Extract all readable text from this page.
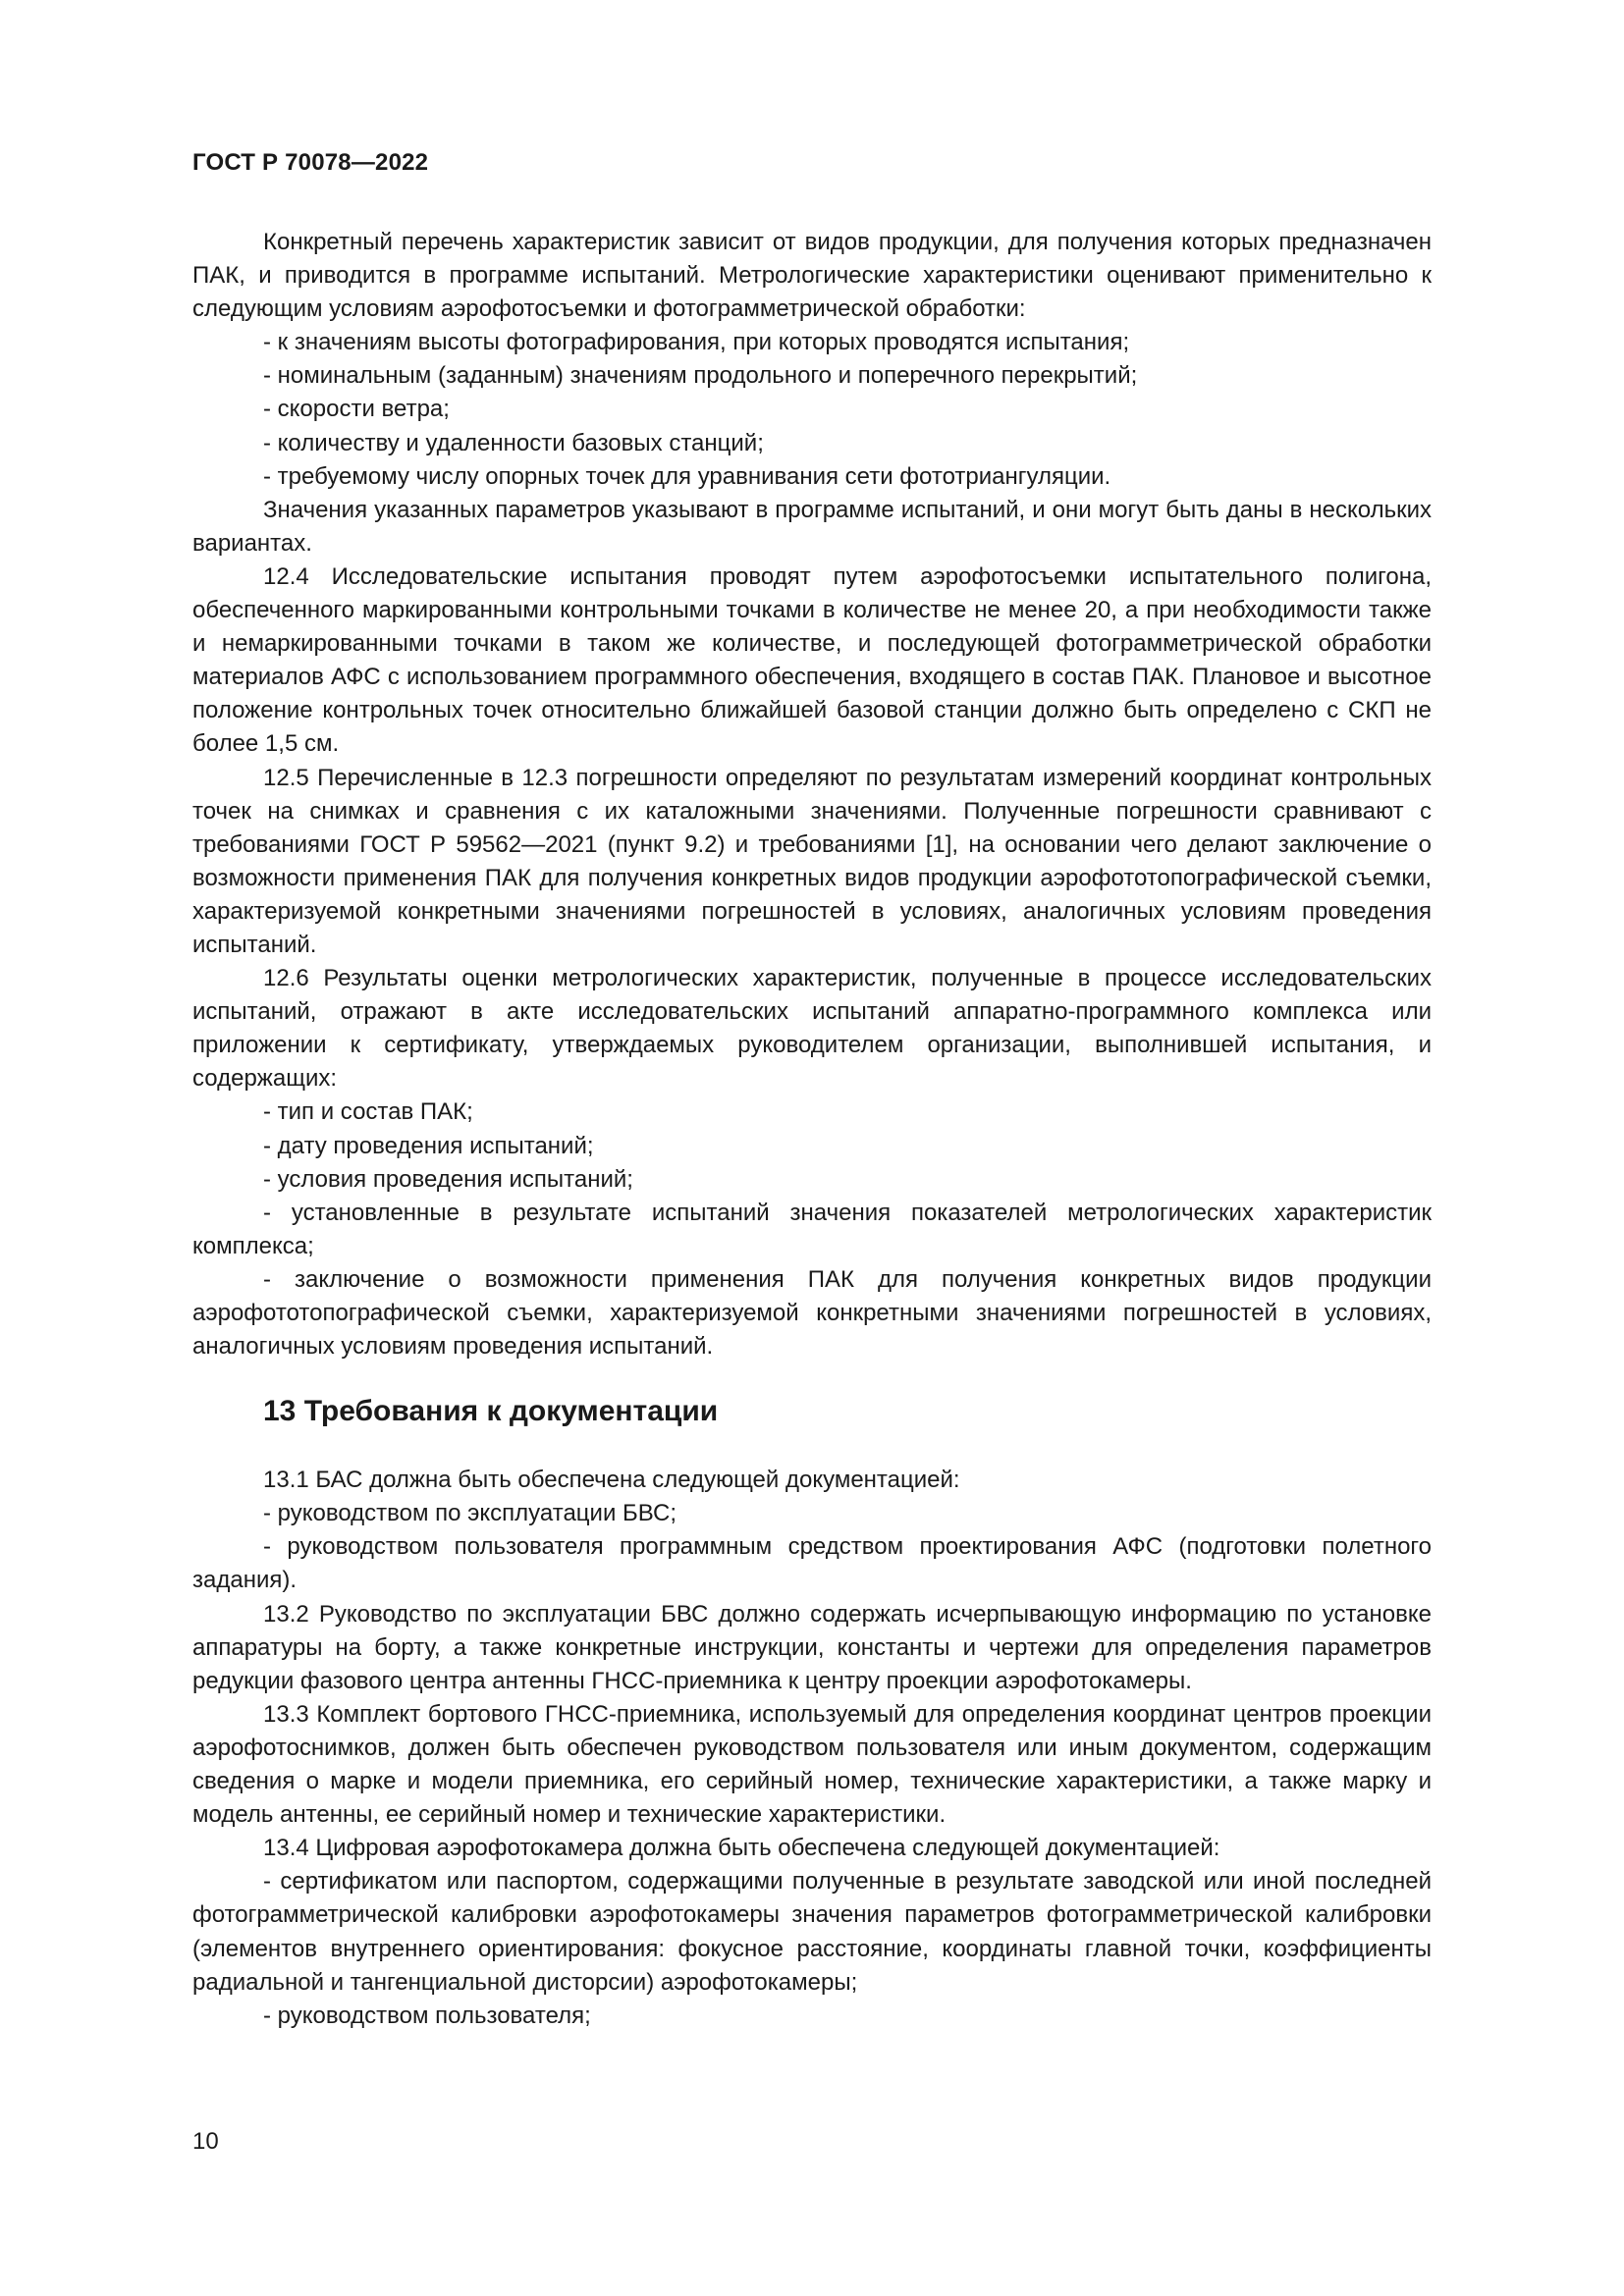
ГОСТ Р 70078—2022

Конкретный перечень характеристик зависит от видов продукции, для получения которых предназначен ПАК, и приводится в программе испытаний. Метрологические характеристики оценивают применительно к следующим условиям аэрофотосъемки и фотограмметрической обработки:

- к значениям высоты фотографирования, при которых проводятся испытания;

- номинальным (заданным) значениям продольного и поперечного перекрытий;

- скорости ветра;

- количеству и удаленности базовых станций;

- требуемому числу опорных точек для уравнивания сети фототриангуляции.

Значения указанных параметров указывают в программе испытаний, и они могут быть даны в нескольких вариантах.

12.4 Исследовательские испытания проводят путем аэрофотосъемки испытательного полигона, обеспеченного маркированными контрольными точками в количестве не менее 20, а при необходимости также и немаркированными точками в таком же количестве, и последующей фотограмметрической обработки материалов АФС с использованием программного обеспечения, входящего в состав ПАК. Плановое и высотное положение контрольных точек относительно ближайшей базовой станции должно быть определено с СКП не более 1,5 см.

12.5 Перечисленные в 12.3 погрешности определяют по результатам измерений координат контрольных точек на снимках и сравнения с их каталожными значениями. Полученные погрешности сравнивают с требованиями ГОСТ Р 59562—2021 (пункт 9.2) и требованиями [1], на основании чего делают заключение о возможности применения ПАК для получения конкретных видов продукции аэрофототопографической съемки, характеризуемой конкретными значениями погрешностей в условиях, аналогичных условиям проведения испытаний.

12.6 Результаты оценки метрологических характеристик, полученные в процессе исследовательских испытаний, отражают в акте исследовательских испытаний аппаратно-программного комплекса или приложении к сертификату, утверждаемых руководителем организации, выполнившей испытания, и содержащих:

- тип и состав ПАК;

- дату проведения испытаний;

- условия проведения испытаний;

- установленные в результате испытаний значения показателей метрологических характеристик комплекса;

- заключение о возможности применения ПАК для получения конкретных видов продукции аэрофототопографической съемки, характеризуемой конкретными значениями погрешностей в условиях, аналогичных условиям проведения испытаний.

13 Требования к документации

13.1 БАС должна быть обеспечена следующей документацией:

- руководством по эксплуатации БВС;

- руководством пользователя программным средством проектирования АФС (подготовки полетного задания).

13.2 Руководство по эксплуатации БВС должно содержать исчерпывающую информацию по установке аппаратуры на борту, а также конкретные инструкции, константы и чертежи для определения параметров редукции фазового центра антенны ГНСС-приемника к центру проекции аэрофотокамеры.

13.3 Комплект бортового ГНСС-приемника, используемый для определения координат центров проекции аэрофотоснимков, должен быть обеспечен руководством пользователя или иным документом, содержащим сведения о марке и модели приемника, его серийный номер, технические характеристики, а также марку и модель антенны, ее серийный номер и технические характеристики.

13.4 Цифровая аэрофотокамера должна быть обеспечена следующей документацией:

- сертификатом или паспортом, содержащими полученные в результате заводской или иной последней фотограмметрической калибровки аэрофотокамеры значения параметров фотограмметрической калибровки (элементов внутреннего ориентирования: фокусное расстояние, координаты главной точки, коэффициенты радиальной и тангенциальной дисторсии) аэрофотокамеры;

- руководством пользователя;

10
